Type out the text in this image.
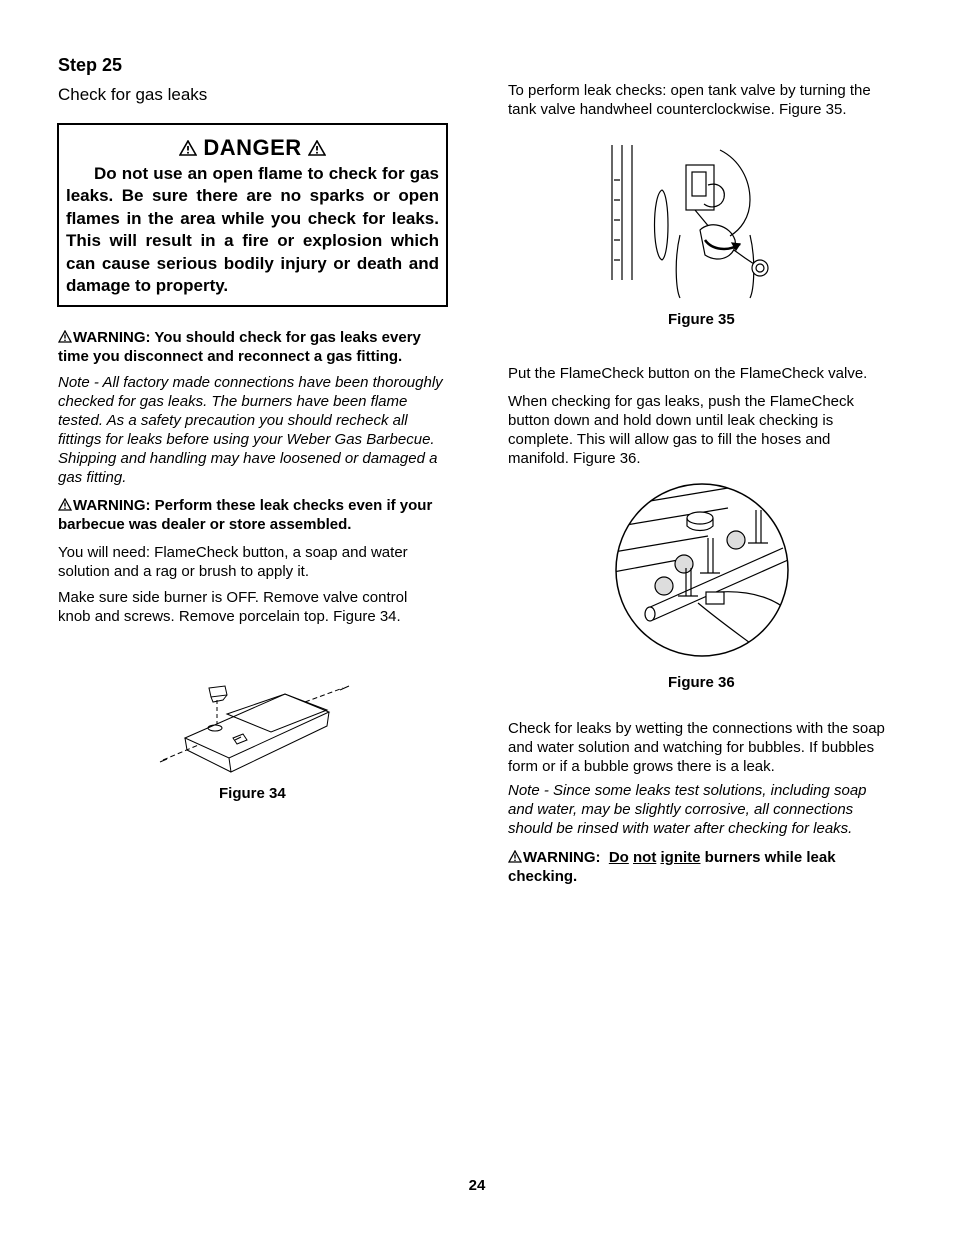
Step 25
Check for gas leaks
DANGER

Do not use an open flame to check for gas leaks. Be sure there are no sparks or open flames in the area while you check for leaks. This will result in a fire or explosion which can cause serious bodily injury or death and damage to property.

WARNING: You should check for gas leaks every time you disconnect and reconnect a gas fitting.

Note - All factory made connections have been thoroughly checked for gas leaks. The burners have been flame tested. As a safety precaution you should recheck all fittings for leaks before using your Weber Gas Barbecue. Shipping and handling may have loosened or damaged a gas fitting.

WARNING: Perform these leak checks even if your barbecue was dealer or store assembled.

You will need: FlameCheck button, a soap and water solution and a rag or brush to apply it.

Make sure side burner is OFF. Remove valve control knob and screws. Remove porcelain top. Figure 34.

Figure 34

To perform leak checks: open tank valve by turning the tank valve handwheel counterclockwise. Figure 35.

Figure 35

Put the FlameCheck button on the FlameCheck valve.

When checking for gas leaks, push the FlameCheck button down and hold down until leak checking is complete. This will allow gas to fill the hoses and manifold. Figure 36.

Figure 36

Check for leaks by wetting the connections with the soap and water solution and watching for bubbles. If bubbles form or if a bubble grows there is a leak.

Note - Since some leaks test solutions, including soap and water, may be slightly corrosive, all connections should be rinsed with water after checking for leaks.

WARNING:  Do not ignite burners while leak checking.

24
